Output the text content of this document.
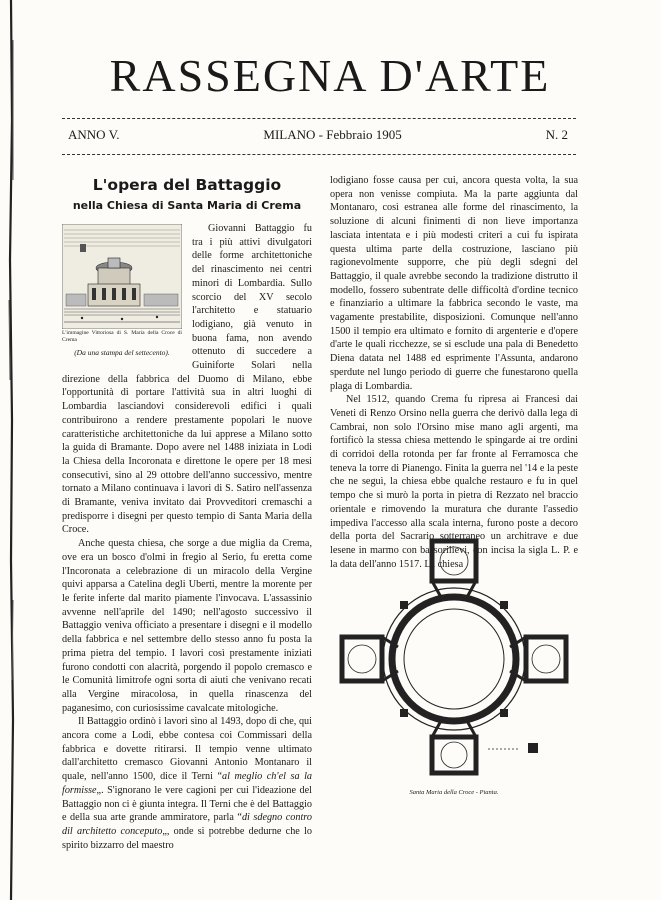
RASSEGNA D'ARTE
ANNO V.	MILANO - Febbraio 1905	N. 2
L'opera del Battaggio
nella Chiesa di Santa Maria di Crema
L'immagine Vittoriosa di S. Maria della Croce di Crema
(Da una stampa del settecento).

Giovanni Battaggio fu tra i più attivi divulgatori delle forme architettoniche del rinascimento nei centri minori di Lombardia. Sullo scorcio del XV secolo l'architetto e statuario lodigiano, già venuto in buona fama, non avendo ottenuto di succedere a Guiniforte Solari nella direzione della fabbrica del Duomo di Milano, ebbe l'opportunità di portare l'attività sua in altri luoghi di Lombardia lasciandovi considerevoli edifici i quali contribuirono a rendere prestamente popolari le nuove caratteristiche architettoniche da lui apprese a Milano sotto la guida di Bramante. Dopo avere nel 1488 iniziata in Lodi la Chiesa della Incoronata e direttone le opere per 18 mesi consecutivi, sino al 29 ottobre dell'anno successivo, mentre tornato a Milano continuava i lavori di S. Satiro nell'assenza di Bramante, veniva invitato dai Provveditori cremaschi a predisporre i disegni per questo tempio di Santa Maria della Croce.

Anche questa chiesa, che sorge a due miglia da Crema, ove era un bosco d'olmi in fregio al Serio, fu eretta come l'Incoronata a celebrazione di un miracolo della Vergine quivi apparsa a Catelina degli Uberti, mentre la morente per le ferite inferte dal marito piamente l'invocava. L'assassinio avvenne nell'aprile del 1490; nell'agosto successivo il Battaggio veniva officiato a presentare i disegni e il modello della fabbrica e nel settembre dello stesso anno fu posta la prima pietra del tempio. I lavori così prestamente iniziati furono condotti con alacrità, porgendo il popolo cremasco e le Comunità limitrofe ogni sorta di aiuti che venivano recati alla Vergine miracolosa, in quella rinascenza del paganesimo, con curiosissime cavalcate mitologiche.

Il Battaggio ordinò i lavori sino al 1493, dopo di che, qui ancora come a Lodi, ebbe contesa coi Commissari della fabbrica e dovette ritirarsi. Il tempio venne ultimato dall'architetto cremasco Giovanni Antonio Montanaro il quale, nell'anno 1500, dice il Terni “al meglio ch'el sa la formisse„. S'ignorano le vere cagioni per cui l'ideazione del Battaggio non ci è giunta integra. Il Terni che è del Battaggio e della sua arte grande ammiratore, parla “di sdegno contro dil architetto conceputo„, onde si potrebbe dedurne che lo spirito bizzarro del maestro

lodigiano fosse causa per cui, ancora questa volta, la sua opera non venisse compiuta. Ma la parte aggiunta dal Montanaro, così estranea alle forme del rinascimento, la soluzione di alcuni finimenti di non lieve importanza lasciata intentata e i più modesti criteri a cui fu ispirata questa ultima parte della costruzione, lasciano più ragionevolmente supporre, che più degli sdegni del Battaggio, il quale avrebbe secondo la tradizione distrutto il modello, fossero subentrate delle difficoltà d'ordine tecnico e finanziario a ultimare la fabbrica secondo le vaste, ma vagamente prestabilite, disposizioni. Comunque nell'anno 1500 il tempio era ultimato e fornito di argenterie e d'opere d'arte le quali ricchezze, se si esclude una pala di Benedetto Diena datata nel 1488 ed esprimente l'Assunta, andarono sperdute nel lungo periodo di guerre che funestarono quella plaga di Lombardia.

Nel 1512, quando Crema fu ripresa ai Francesi dai Veneti di Renzo Orsino nella guerra che derivò dalla lega di Cambrai, non solo l'Orsino mise mano agli argenti, ma fortificò la stessa chiesa mettendo le spingarde ai tre ordini di corridoi della rotonda per far fronte al Ferramosca che teneva la torre di Pianengo. Finita la guerra nel '14 e la peste che ne seguì, la chiesa ebbe qualche restauro e fu in quel tempo che si murò la porta in pietra di Rezzato nel braccio orientale e rimovendo la muratura che durante l'assedio impediva l'accesso alla scala interna, furono poste a decoro della porta del Sacrario sotterraneo un architrave e due lesene in marmo con bassorilievi, con incisa la sigla L. P. e la data dell'anno 1517. La chiesa

Santa Maria della Croce - Pianta.
